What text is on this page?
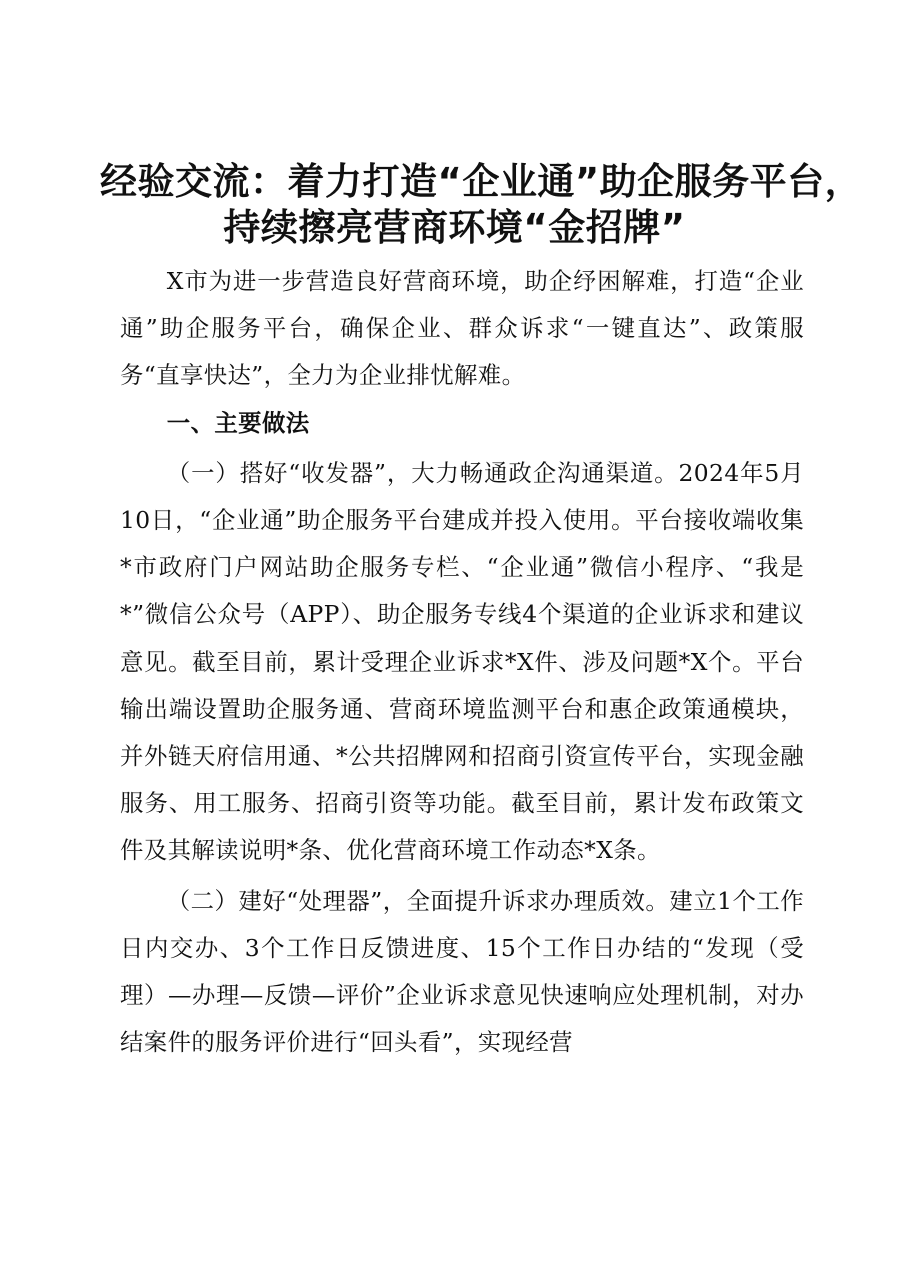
经验交流：着力打造“企业通”助企服务平台，
持续擦亮营商环境“金招牌”

X市为进一步营造良好营商环境，助企纾困解难，打造“企业通”助企服务平台，确保企业、群众诉求“一键直达”、政策服务“直享快达”，全力为企业排忧解难。

一、主要做法

（一）搭好“收发器”，大力畅通政企沟通渠道。2024年5月10日，“企业通”助企服务平台建成并投入使用。平台接收端收集*市政府门户网站助企服务专栏、“企业通”微信小程序、“我是*”微信公众号（APP）、助企服务专线4个渠道的企业诉求和建议意见。截至目前，累计受理企业诉求*X件、涉及问题*X个。平台输出端设置助企服务通、营商环境监测平台和惠企政策通模块，并外链天府信用通、*公共招牌网和招商引资宣传平台，实现金融服务、用工服务、招商引资等功能。截至目前，累计发布政策文件及其解读说明*条、优化营商环境工作动态*X条。

（二）建好“处理器”，全面提升诉求办理质效。建立1个工作日内交办、3个工作日反馈进度、15个工作日办结的“发现（受理）—办理—反馈—评价”企业诉求意见快速响应处理机制，对办结案件的服务评价进行“回头看”，实现经营
